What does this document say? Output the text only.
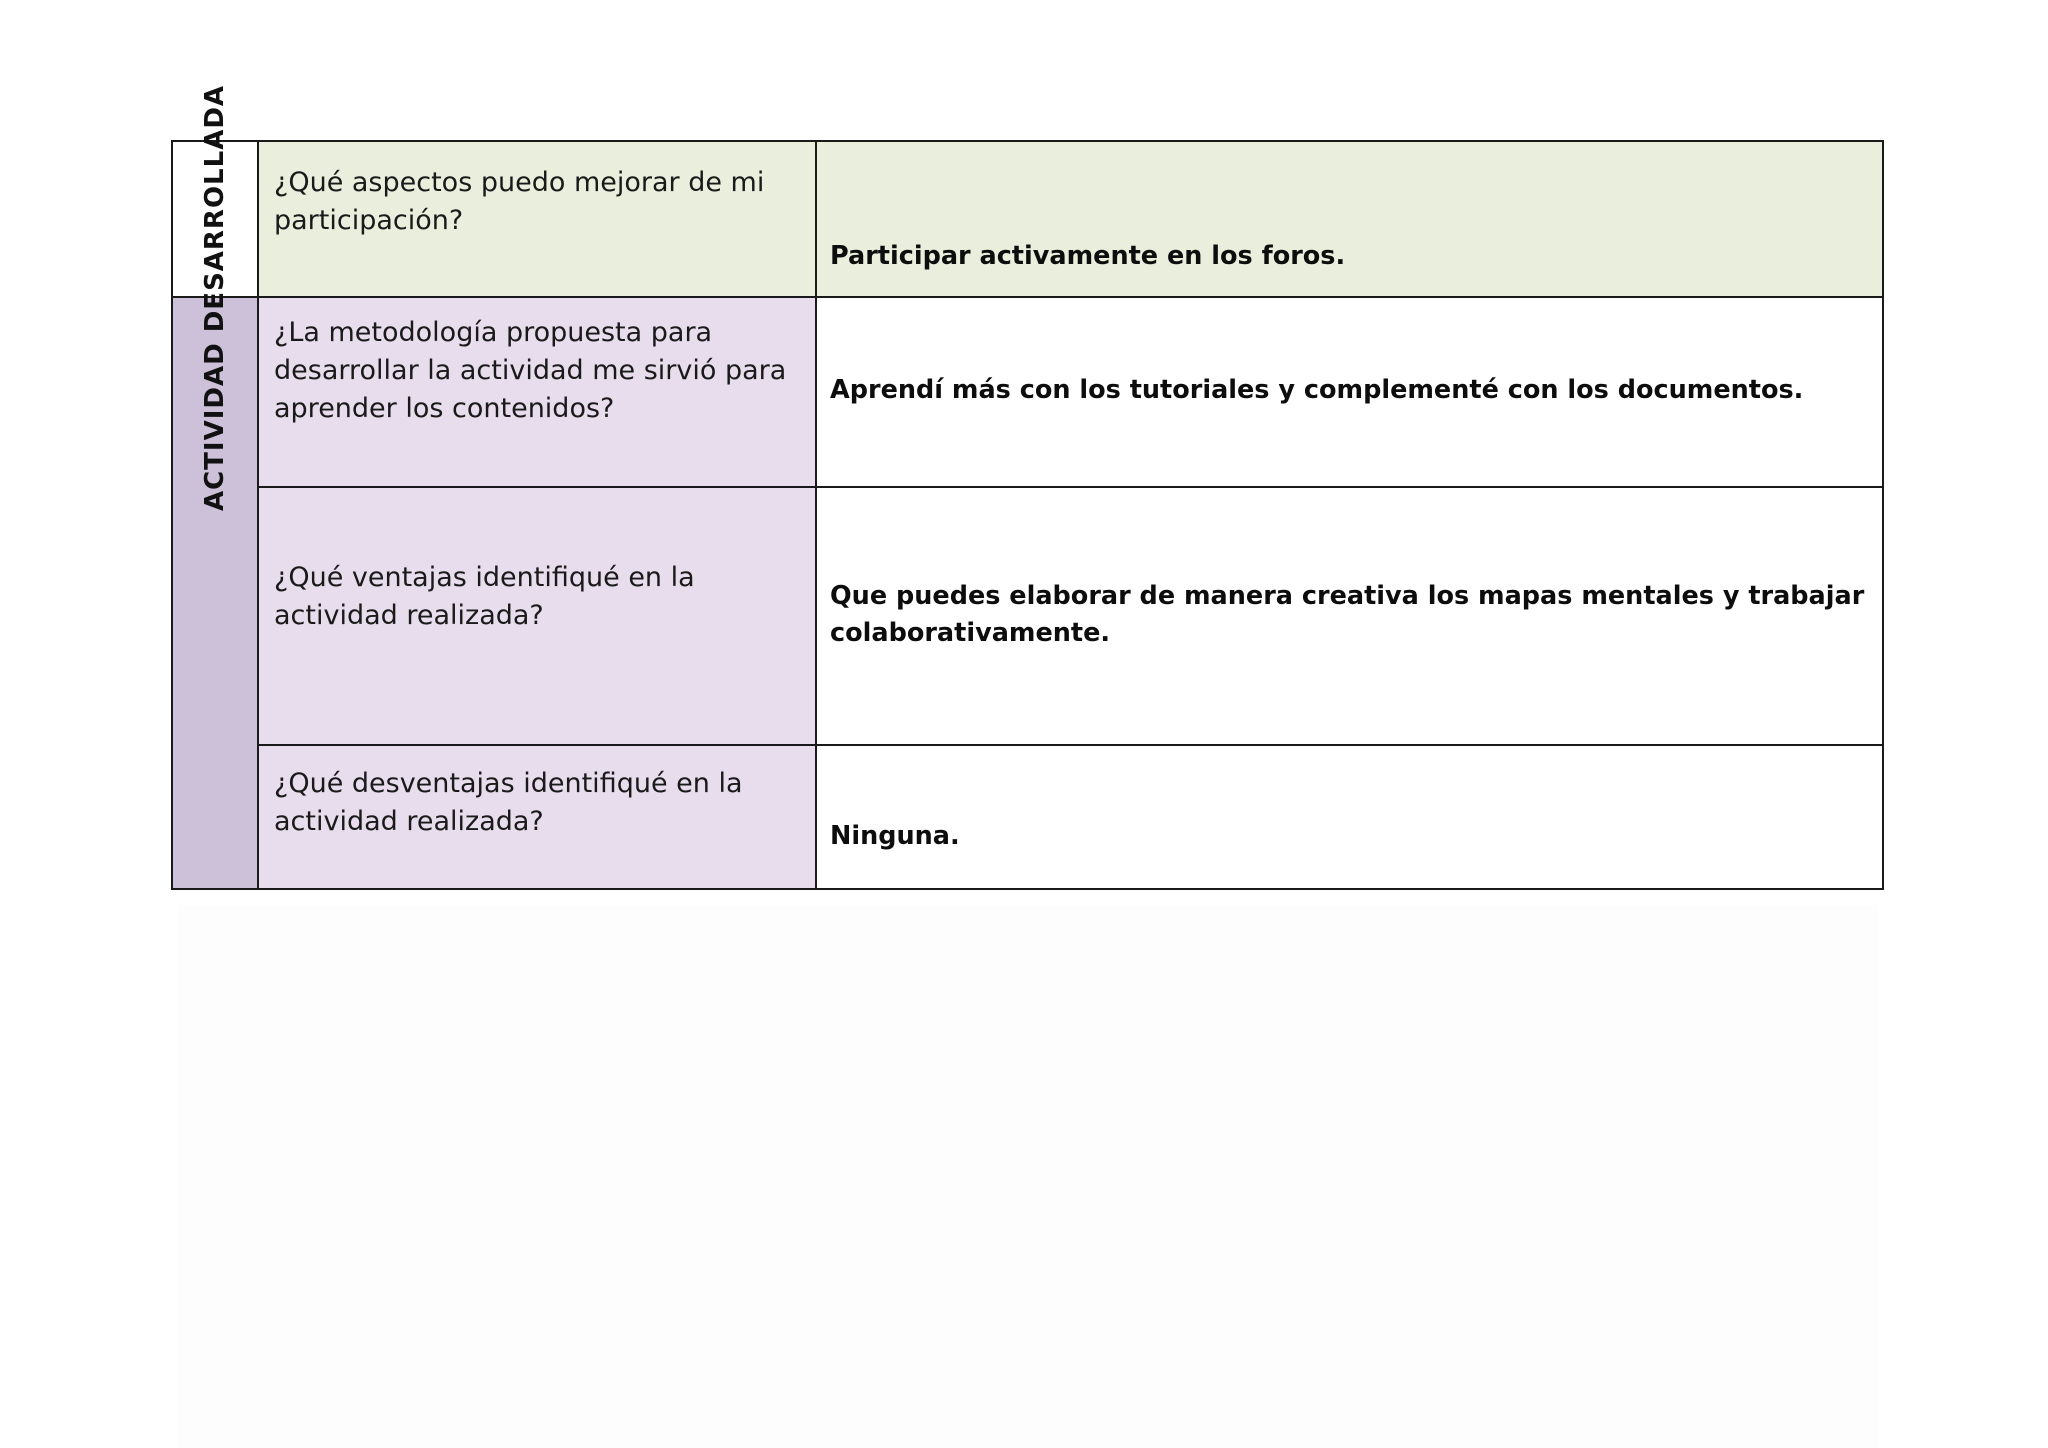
	¿Qué aspectos puedo mejorar de mi participación?	Participar activamente en los foros.

ACTIVIDAD DESARROLLADA	¿La metodología propuesta para desarrollar la actividad me sirvió para aprender los contenidos?	Aprendí más con los tutoriales y complementé con los documentos.

	¿Qué ventajas identifiqué en la actividad realizada?	Que puedes elaborar de manera creativa los mapas mentales y trabajar colaborativamente.

	¿Qué desventajas identifiqué en la actividad realizada?	Ninguna.
